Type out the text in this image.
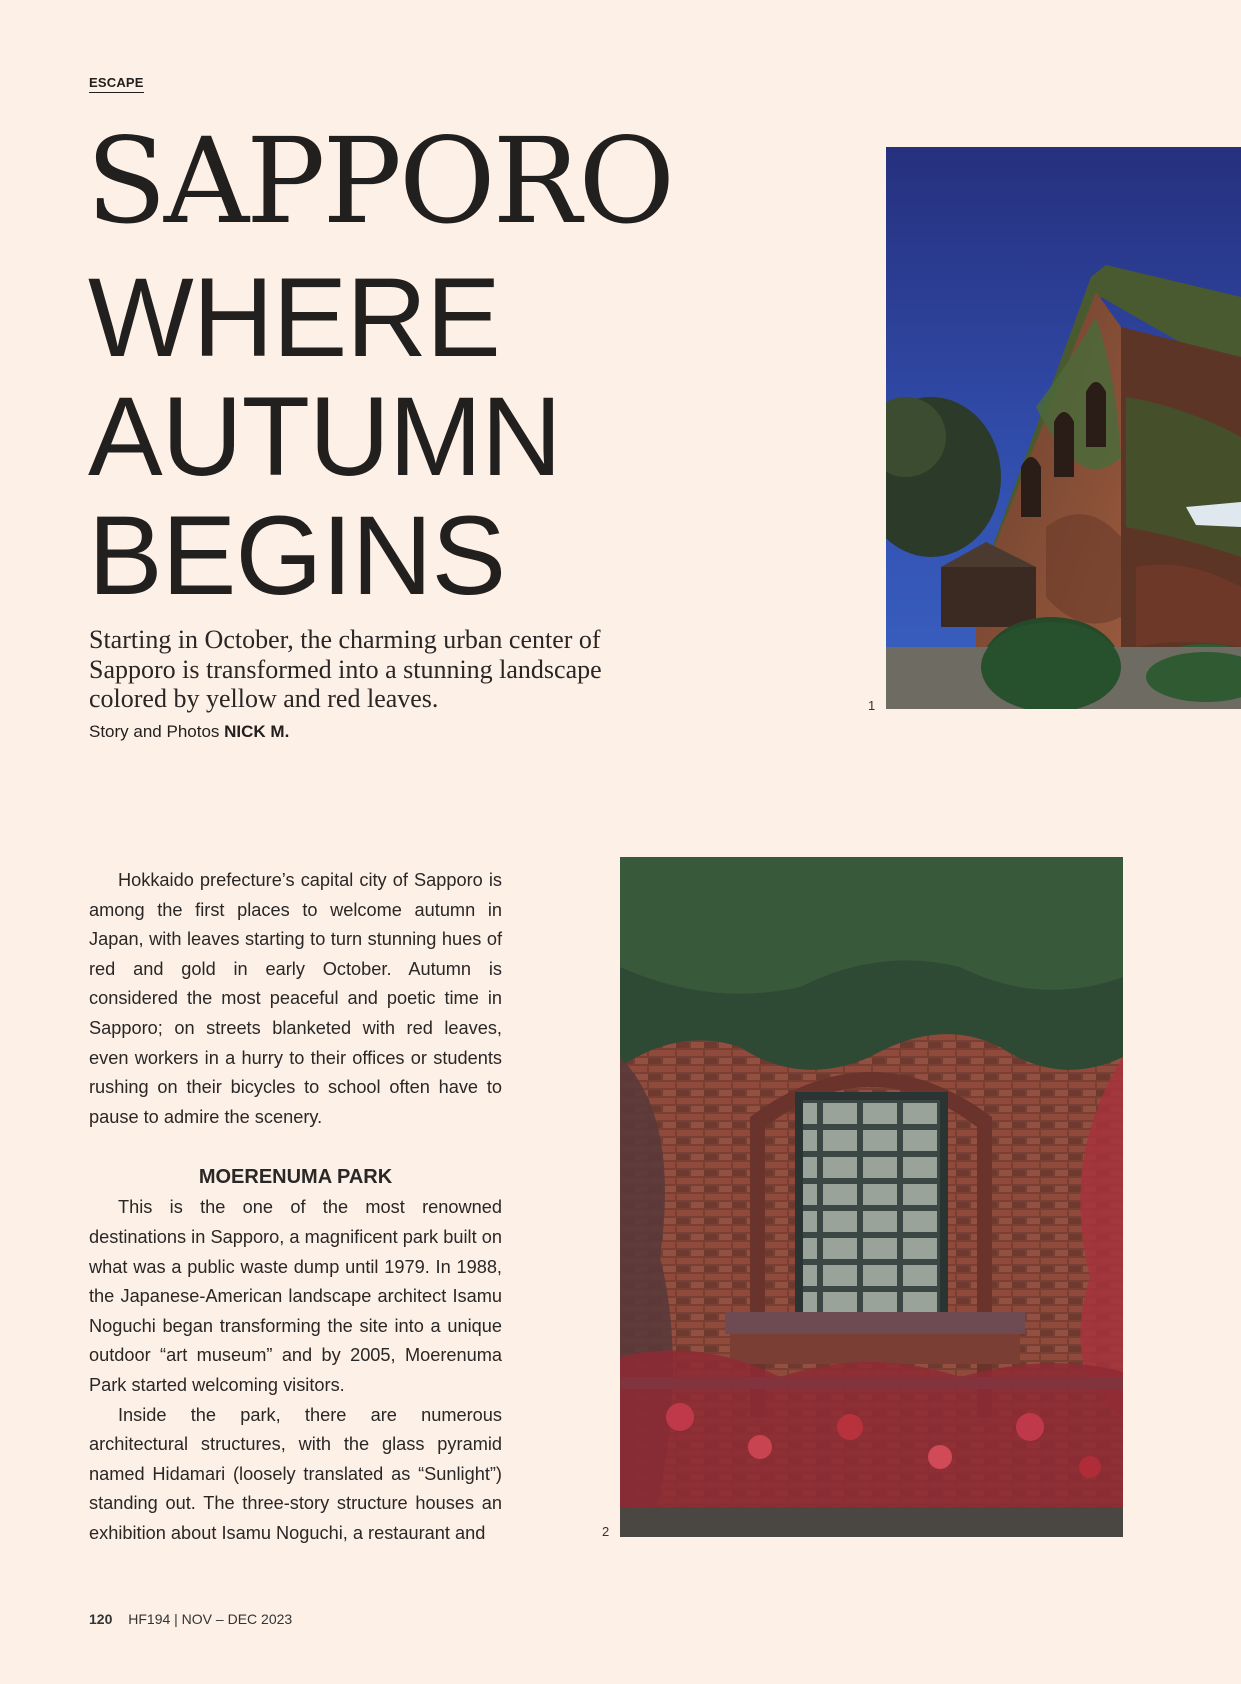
ESCAPE
SAPPORO
WHERE
AUTUMN
BEGINS

Starting in October, the charming urban center of Sapporo is transformed into a stunning landscape colored by yellow and red leaves.

Story and Photos NICK M.
1
2

Hokkaido prefecture’s capital city of Sapporo is among the first places to welcome autumn in Japan, with leaves starting to turn stunning hues of red and gold in early October. Autumn is considered the most peaceful and poetic time in Sapporo; on streets blanketed with red leaves, even workers in a hurry to their offices or students rushing on their bicycles to school often have to pause to admire the scenery.

MOERENUMA PARK

This is the one of the most renowned destinations in Sapporo, a magnificent park built on what was a public waste dump until 1979. In 1988, the Japanese-American landscape architect Isamu Noguchi began transforming the site into a unique outdoor “art museum” and by 2005, Moerenuma Park started welcoming visitors.

Inside the park, there are numerous architectural structures, with the glass pyramid named Hidamari (loosely translated as “Sunlight”) standing out. The three-story structure houses an exhibition about Isamu Noguchi, a restaurant and

120 HF194 | NOV – DEC 2023
